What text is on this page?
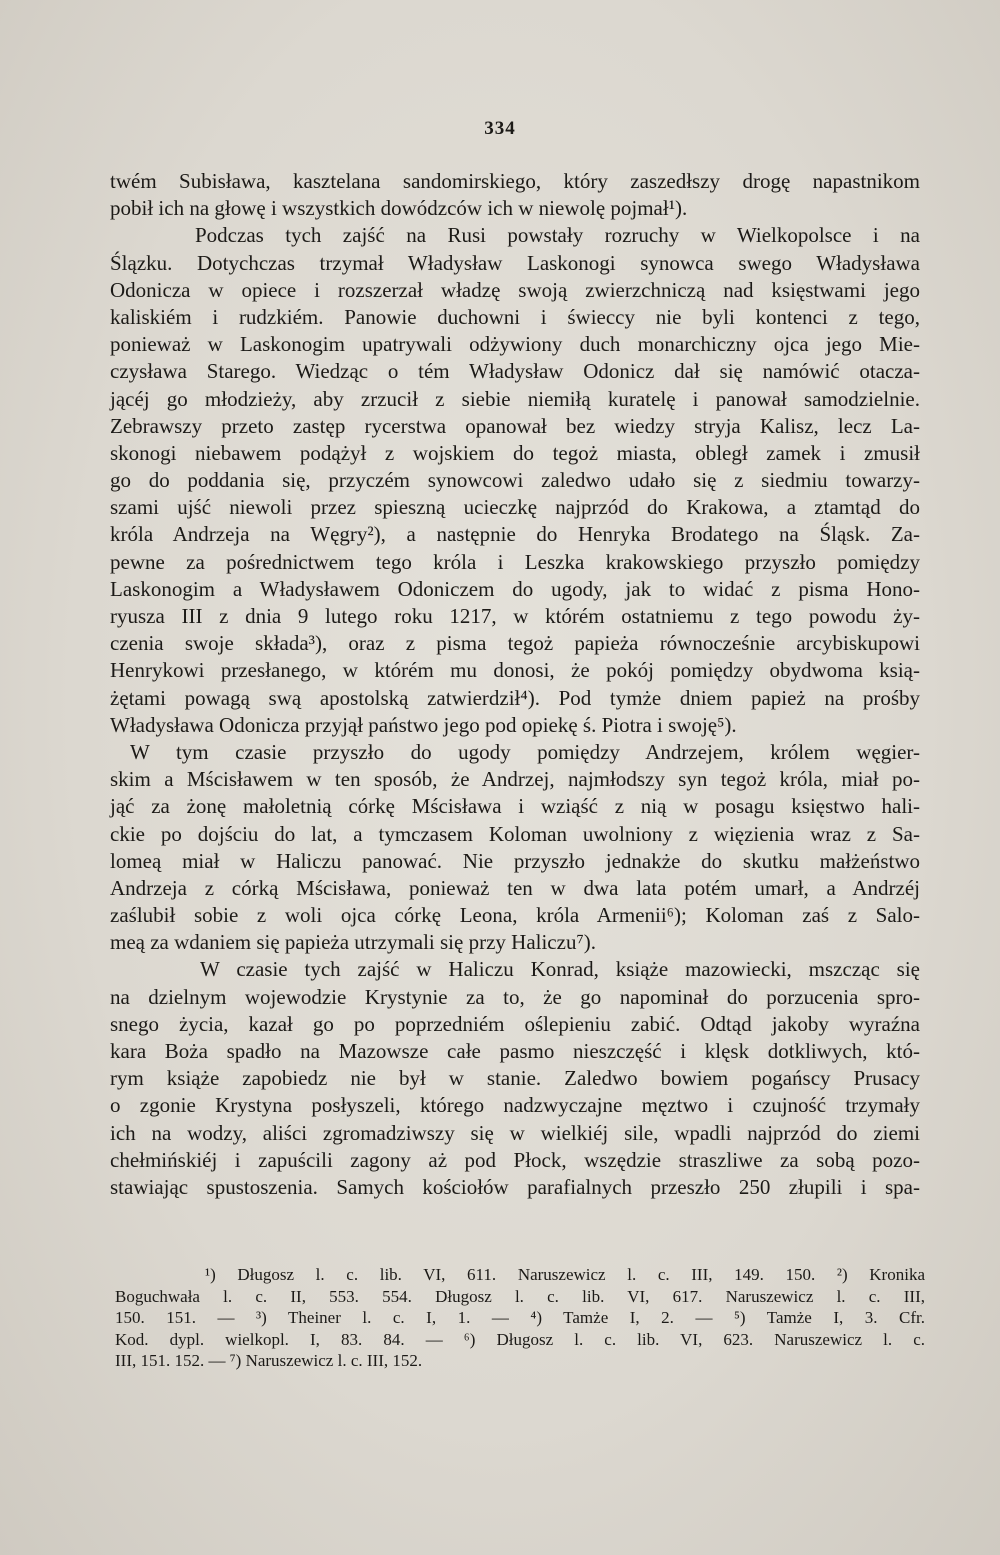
334
twém Subisława, kasztelana sandomirskiego, który zaszedłszy drogę napastnikom
pobił ich na głowę i wszystkich dowódzców ich w niewolę pojmał¹).
Podczas tych zajść na Rusi powstały rozruchy w Wielkopolsce i na
Ślązku. Dotychczas trzymał Władysław Laskonogi synowca swego Władysława
Odonicza w opiece i rozszerzał władzę swoją zwierzchniczą nad księstwami jego
kaliskiém i rudzkiém. Panowie duchowni i świeccy nie byli kontenci z tego,
ponieważ w Laskonogim upatrywali odżywiony duch monarchiczny ojca jego Mie-
czysława Starego. Wiedząc o tém Władysław Odonicz dał się namówić otacza-
jącéj go młodzieży, aby zrzucił z siebie niemiłą kuratelę i panował samodzielnie.
Zebrawszy przeto zastęp rycerstwa opanował bez wiedzy stryja Kalisz, lecz La-
skonogi niebawem podążył z wojskiem do tegoż miasta, obległ zamek i zmusił
go do poddania się, przyczém synowcowi zaledwo udało się z siedmiu towarzy-
szami ujść niewoli przez spieszną ucieczkę najprzód do Krakowa, a ztamtąd do
króla Andrzeja na Węgry²), a następnie do Henryka Brodatego na Śląsk. Za-
pewne za pośrednictwem tego króla i Leszka krakowskiego przyszło pomiędzy
Laskonogim a Władysławem Odoniczem do ugody, jak to widać z pisma Hono-
ryusza III z dnia 9 lutego roku 1217, w którém ostatniemu z tego powodu ży-
czenia swoje składa³), oraz z pisma tegoż papieża równocześnie arcybiskupowi
Henrykowi przesłanego, w którém mu donosi, że pokój pomiędzy obydwoma ksią-
żętami powagą swą apostolską zatwierdził⁴). Pod tymże dniem papież na prośby
Władysława Odonicza przyjął państwo jego pod opiekę ś. Piotra i swoję⁵).
W tym czasie przyszło do ugody pomiędzy Andrzejem, królem węgier-
skim a Mścisławem w ten sposób, że Andrzej, najmłodszy syn tegoż króla, miał po-
jąć za żonę małoletnią córkę Mścisława i wziąść z nią w posagu księstwo hali-
ckie po dojściu do lat, a tymczasem Koloman uwolniony z więzienia wraz z Sa-
lomeą miał w Haliczu panować. Nie przyszło jednakże do skutku małżeństwo
Andrzeja z córką Mścisława, ponieważ ten w dwa lata potém umarł, a Andrzéj
zaślubił sobie z woli ojca córkę Leona, króla Armenii⁶); Koloman zaś z Salo-
meą za wdaniem się papieża utrzymali się przy Haliczu⁷).
W czasie tych zajść w Haliczu Konrad, książe mazowiecki, mszcząc się
na dzielnym wojewodzie Krystynie za to, że go napominał do porzucenia spro-
snego życia, kazał go po poprzedniém oślepieniu zabić. Odtąd jakoby wyraźna
kara Boża spadło na Mazowsze całe pasmo nieszczęść i klęsk dotkliwych, któ-
rym książe zapobiedz nie był w stanie. Zaledwo bowiem pogańscy Prusacy
o zgonie Krystyna posłyszeli, którego nadzwyczajne męztwo i czujność trzymały
ich na wodzy, aliści zgromadziwszy się w wielkiéj sile, wpadli najprzód do ziemi
chełmińskiéj i zapuścili zagony aż pod Płock, wszędzie straszliwe za sobą pozo-
stawiając spustoszenia. Samych kościołów parafialnych przeszło 250 złupili i spa-
¹) Długosz l. c. lib. VI, 611. Naruszewicz l. c. III, 149. 150. ²) Kronika
Boguchwała l. c. II, 553. 554. Długosz l. c. lib. VI, 617. Naruszewicz l. c. III,
150. 151. — ³) Theiner l. c. I, 1. — ⁴) Tamże I, 2. — ⁵) Tamże I, 3. Cfr.
Kod. dypl. wielkopl. I, 83. 84. — ⁶) Długosz l. c. lib. VI, 623. Naruszewicz l. c.
III, 151. 152. — ⁷) Naruszewicz l. c. III, 152.
